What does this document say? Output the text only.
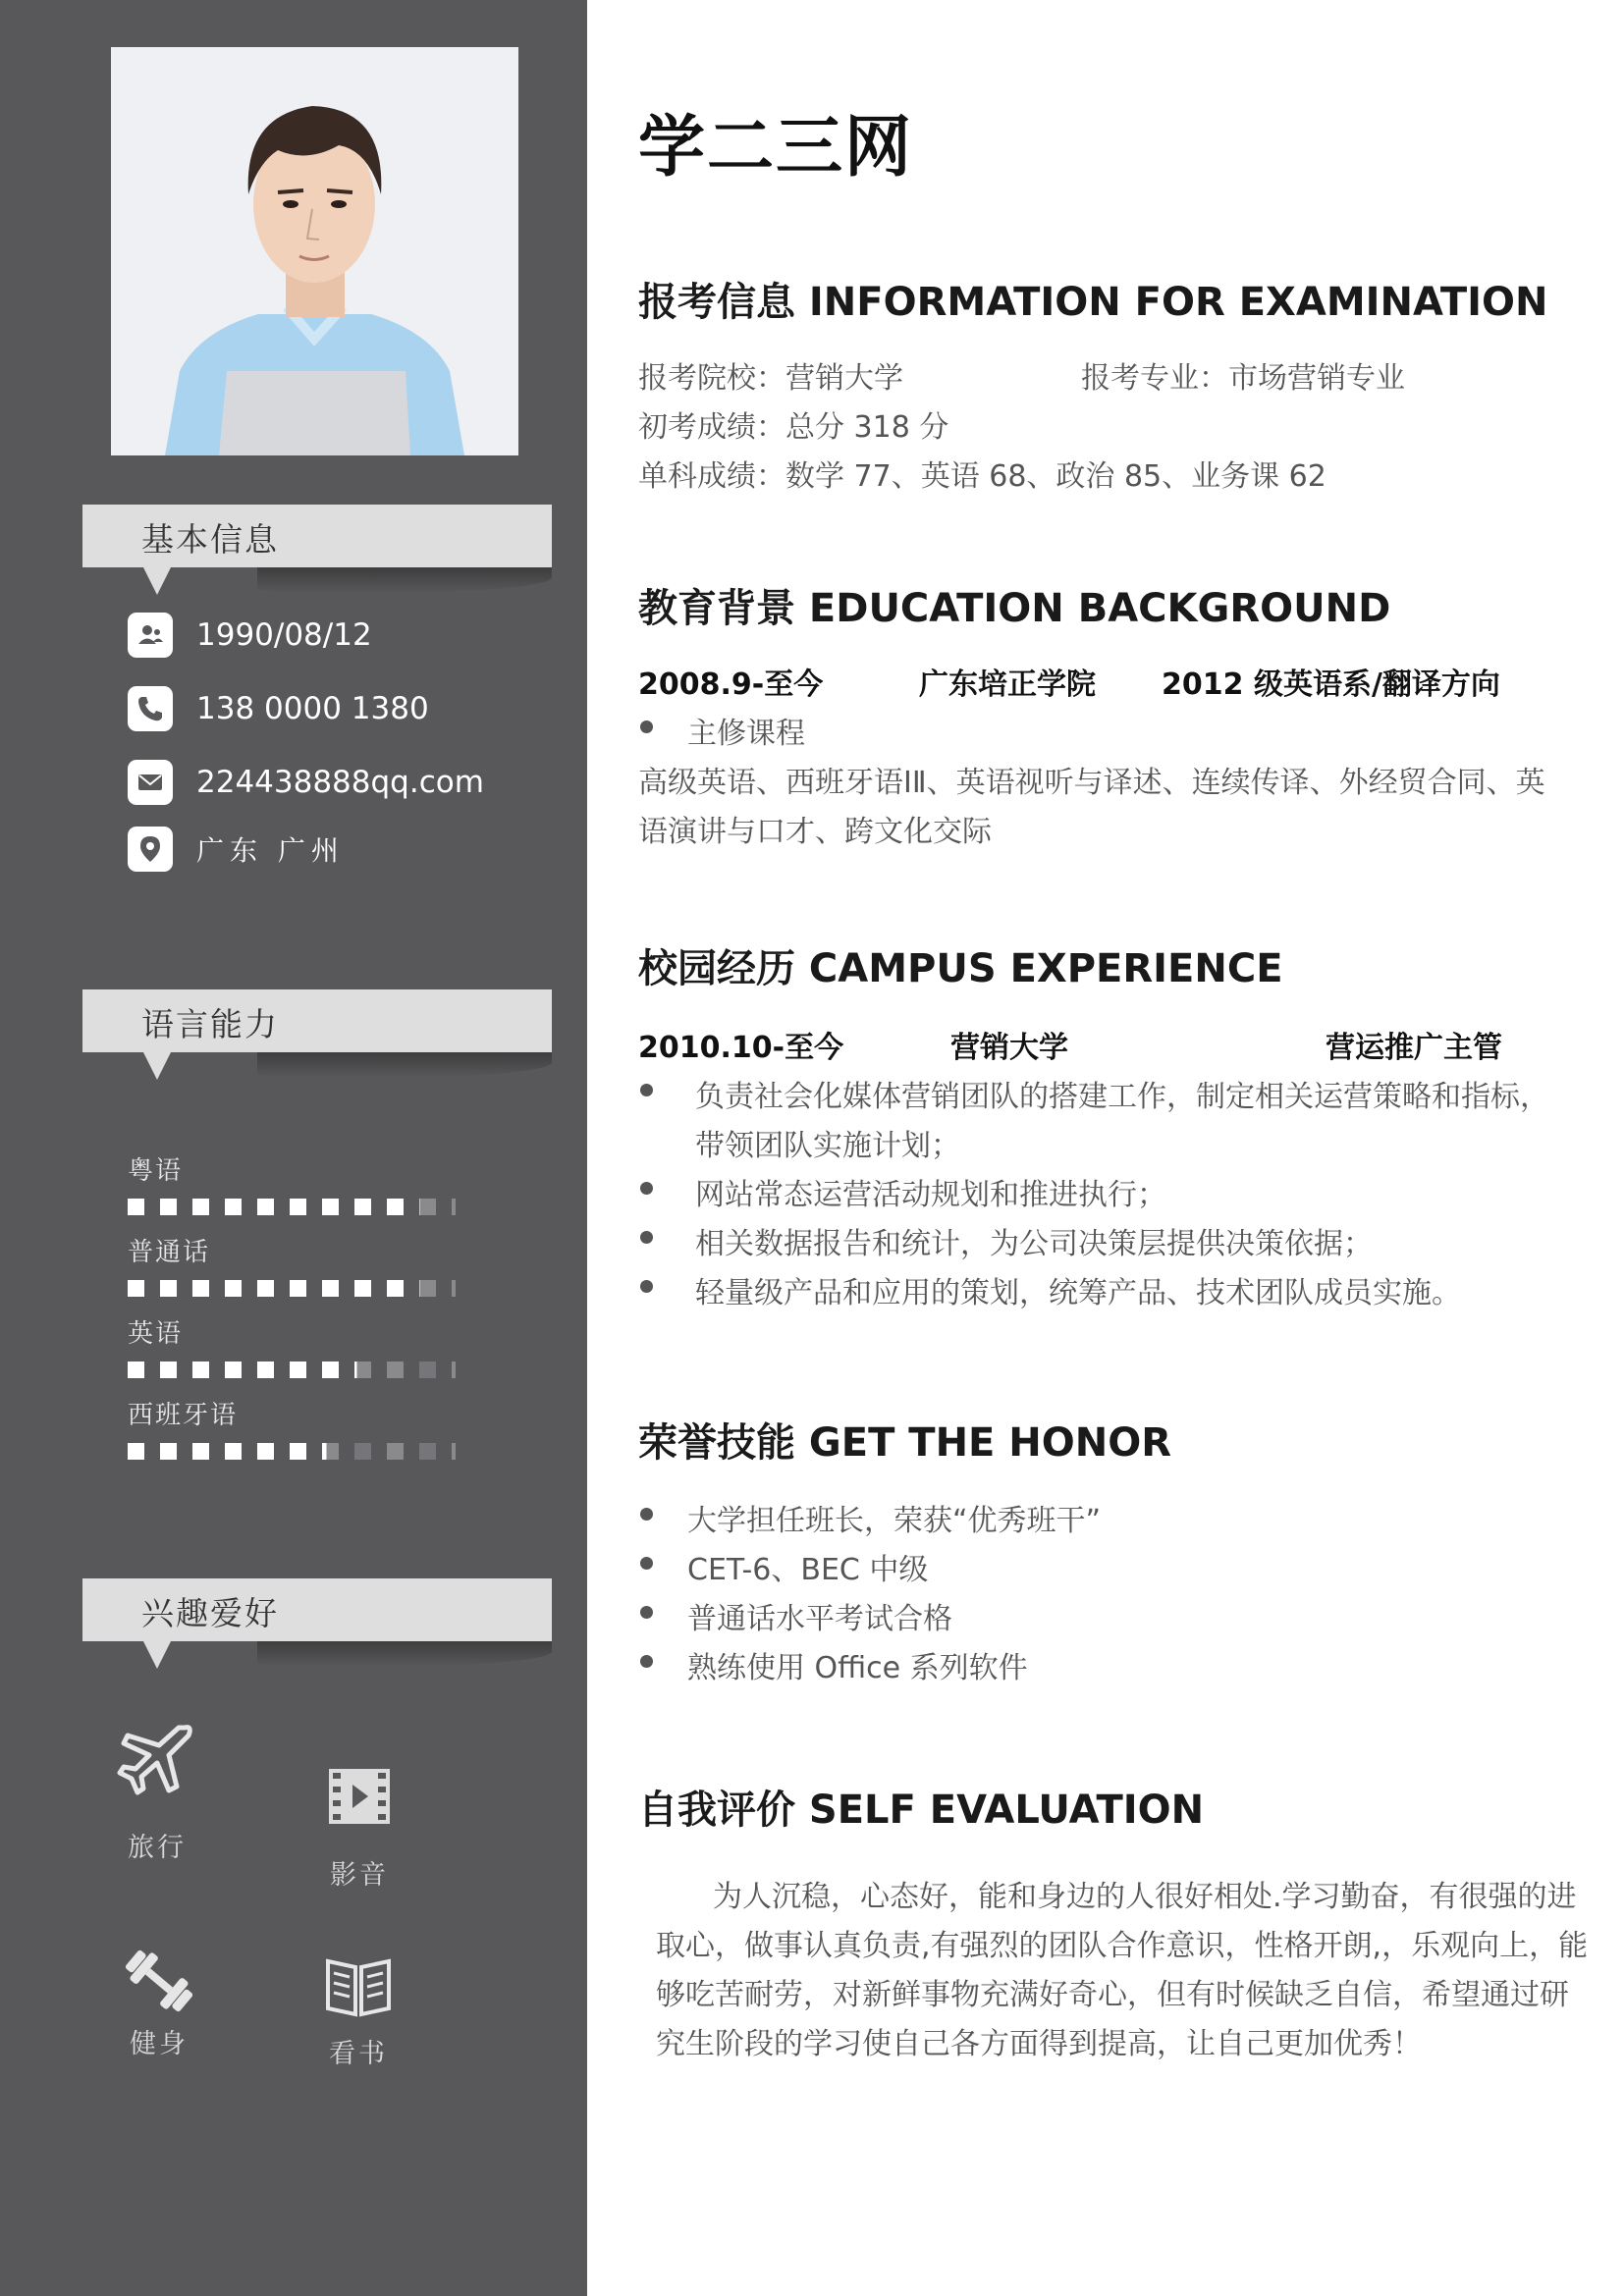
基本信息
1990/08/12
138 0000 1380
224438888qq.com
广东 广州
语言能力
粤语
普通话
英语
西班牙语
兴趣爱好
旅行
影音
健身	看书
学二三网
报考信息 INFORMATION FOR EXAMINATION
报考院校：营销大学	报考专业：市场营销专业
初考成绩：总分 318 分
单科成绩：数学 77、英语 68、政治 85、业务课 62
教育背景 EDUCATION BACKGROUND
2008.9-至今	广东培正学院 2012 级英语系/翻译方向
主修课程
高级英语、西班牙语ⅠⅡ、英语视听与译述、连续传译、外经贸合同、英
语演讲与口才、跨文化交际
校园经历 CAMPUS EXPERIENCE
2010.10-至今	营销大学	营运推广主管
负责社会化媒体营销团队的搭建工作，制定相关运营策略和指标，
带领团队实施计划；
网站常态运营活动规划和推进执行；
相关数据报告和统计，为公司决策层提供决策依据；
轻量级产品和应用的策划，统筹产品、技术团队成员实施。
荣誉技能 GET THE HONOR
大学担任班长，荣获“优秀班干”
CET-6、BEC 中级
普通话水平考试合格
熟练使用 Office 系列软件
自我评价 SELF EVALUATION
为人沉稳，心态好，能和身边的人很好相处.学习勤奋，有很强的进
取心，做事认真负责,有强烈的团队合作意识，性格开朗,，乐观向上，能
够吃苦耐劳，对新鲜事物充满好奇心，但有时候缺乏自信，希望通过研
究生阶段的学习使自己各方面得到提高，让自己更加优秀！
